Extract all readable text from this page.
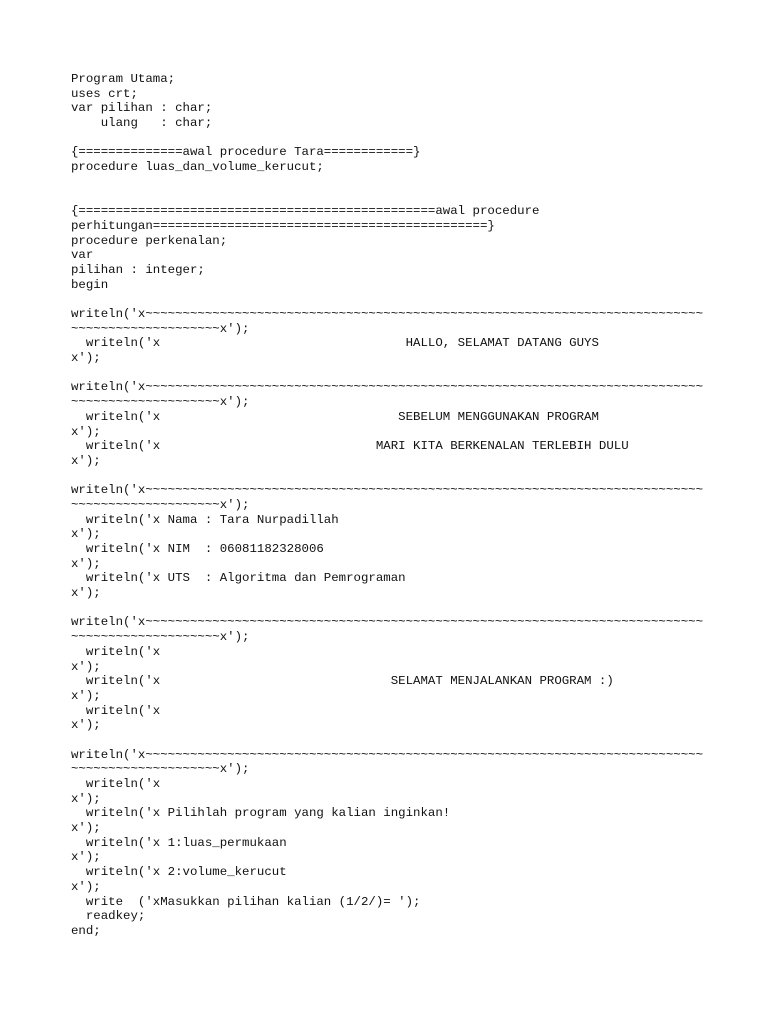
Program Utama;
uses crt;
var pilihan : char;
ulang   : char;
{==============awal procedure Tara============}
procedure luas_dan_volume_kerucut;
{================================================awal procedure
perhitungan=============================================}
procedure perkenalan;
var
pilihan : integer;
begin
writeln('x~~~~~~~~~~~~~~~~~~~~~~~~~~~~~~~~~~~~~~~~~~~~~~~~~~~~~~~~~~~~~~~~~~~~~~~~~~~
~~~~~~~~~~~~~~~~~~~~x');
writeln('x                                 HALLO, SELAMAT DATANG GUYS
x');
writeln('x~~~~~~~~~~~~~~~~~~~~~~~~~~~~~~~~~~~~~~~~~~~~~~~~~~~~~~~~~~~~~~~~~~~~~~~~~~~
~~~~~~~~~~~~~~~~~~~~x');
writeln('x                                SEBELUM MENGGUNAKAN PROGRAM
x');
writeln('x                             MARI KITA BERKENALAN TERLEBIH DULU
x');
writeln('x~~~~~~~~~~~~~~~~~~~~~~~~~~~~~~~~~~~~~~~~~~~~~~~~~~~~~~~~~~~~~~~~~~~~~~~~~~~
~~~~~~~~~~~~~~~~~~~~x');
writeln('x Nama : Tara Nurpadillah
x');
writeln('x NIM  : 06081182328006
x');
writeln('x UTS  : Algoritma dan Pemrograman
x');
writeln('x~~~~~~~~~~~~~~~~~~~~~~~~~~~~~~~~~~~~~~~~~~~~~~~~~~~~~~~~~~~~~~~~~~~~~~~~~~~
~~~~~~~~~~~~~~~~~~~~x');
writeln('x
x');
writeln('x                               SELAMAT MENJALANKAN PROGRAM :)
x');
writeln('x
x');
writeln('x~~~~~~~~~~~~~~~~~~~~~~~~~~~~~~~~~~~~~~~~~~~~~~~~~~~~~~~~~~~~~~~~~~~~~~~~~~~
~~~~~~~~~~~~~~~~~~~~x');
writeln('x
x');
writeln('x Pilihlah program yang kalian inginkan!
x');
writeln('x 1:luas_permukaan
x');
writeln('x 2:volume_kerucut
x');
write  ('xMasukkan pilihan kalian (1/2/)= ');
readkey;
end;
